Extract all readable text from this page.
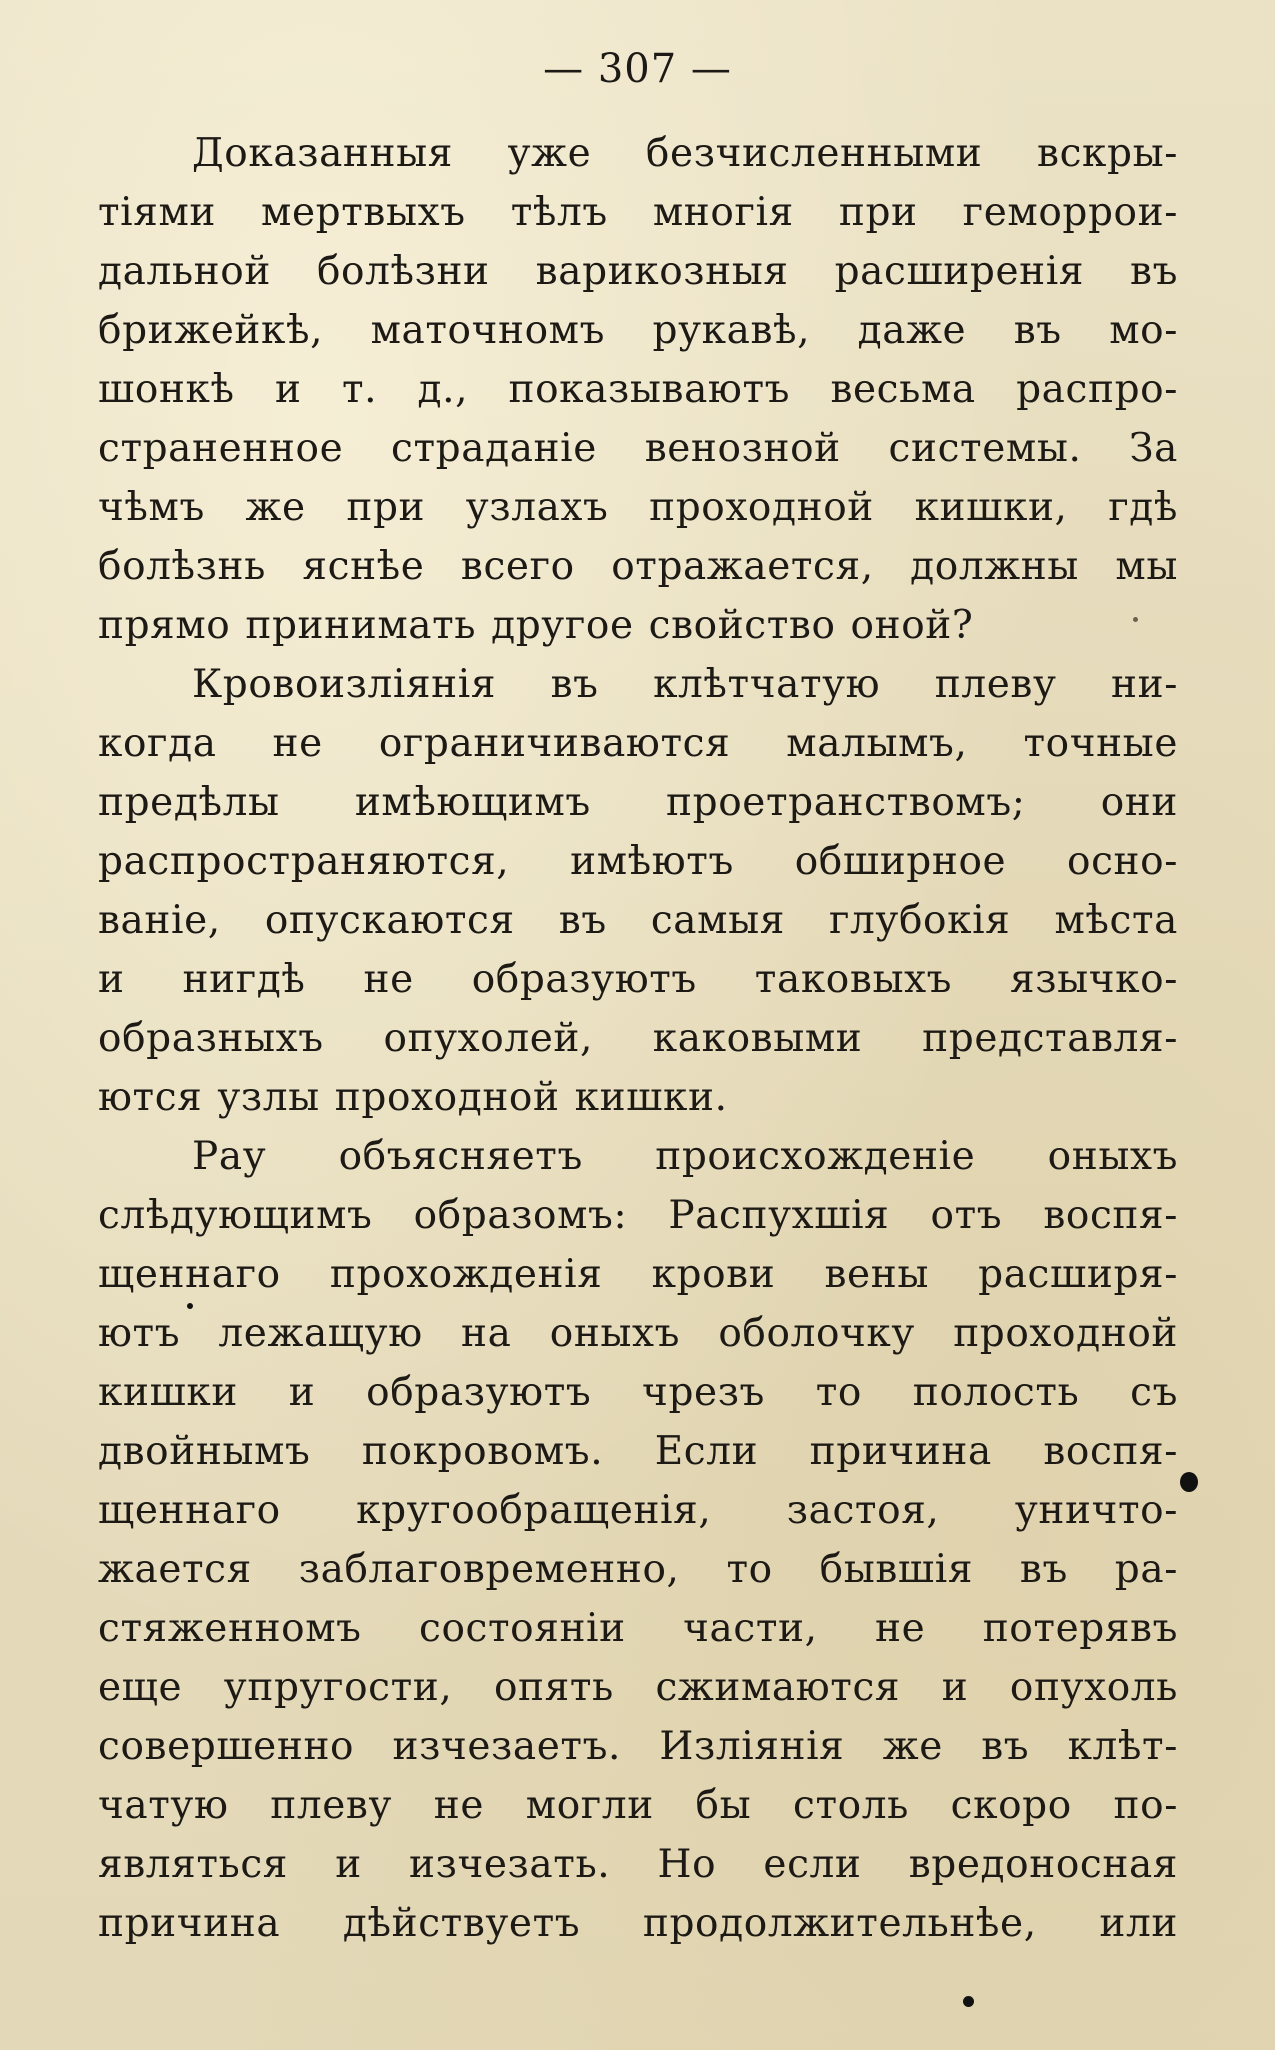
— 307 —
Доказанныя уже безчисленными вскры-
тiями мертвыхъ тѣлъ многiя при геморрои-
дальной болѣзни варикозныя расширенiя въ
брижейкѣ, маточномъ рукавѣ, даже въ мо-
шонкѣ и т. д., показываютъ весьма распро-
страненное страданiе венозной системы. За
чѣмъ же при узлахъ проходной кишки, гдѣ
болѣзнь яснѣе всего отражается, должны мы
прямо принимать другое свойство оной?
Кровоизлiянiя въ клѣтчатую плеву ни-
когда не ограничиваются малымъ, точные
предѣлы имѣющимъ проетранствомъ; они
распространяются, имѣютъ обширное осно-
ванiе, опускаются въ самыя глубокiя мѣста
и нигдѣ не образуютъ таковыхъ язычко-
образныхъ опухолей, каковыми представля-
ются узлы проходной кишки.
Рау объясняетъ происхожденiе оныхъ
слѣдующимъ образомъ: Распухшiя отъ воспя-
щеннаго прохожденiя крови вены расширя-
ютъ лежащую на оныхъ оболочку проходной
кишки и образуютъ чрезъ то полость съ
двойнымъ покровомъ. Если причина воспя-
щеннаго кругообращенiя, застоя, уничто-
жается заблаговременно, то бывшiя въ ра-
стяженномъ состоянiи части, не потерявъ
еще упругости, опять сжимаются и опухоль
совершенно изчезаетъ. Излiянiя же въ клѣт-
чатую плеву не могли бы столь скоро по-
являться и изчезать. Но если вредоносная
причина дѣйствуетъ продолжительнѣе, или
